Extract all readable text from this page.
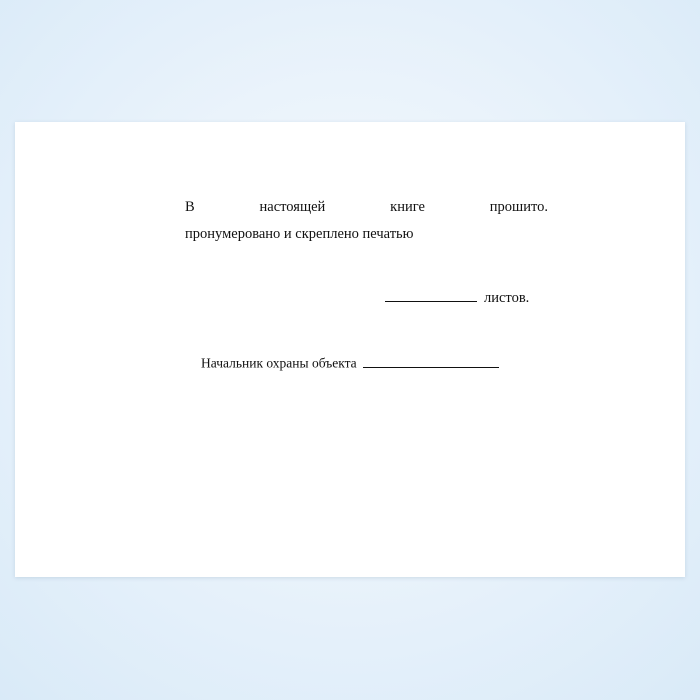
В настоящей книге прошито.
пронумеровано и скреплено печатью
листов.
Начальник охраны объекта
